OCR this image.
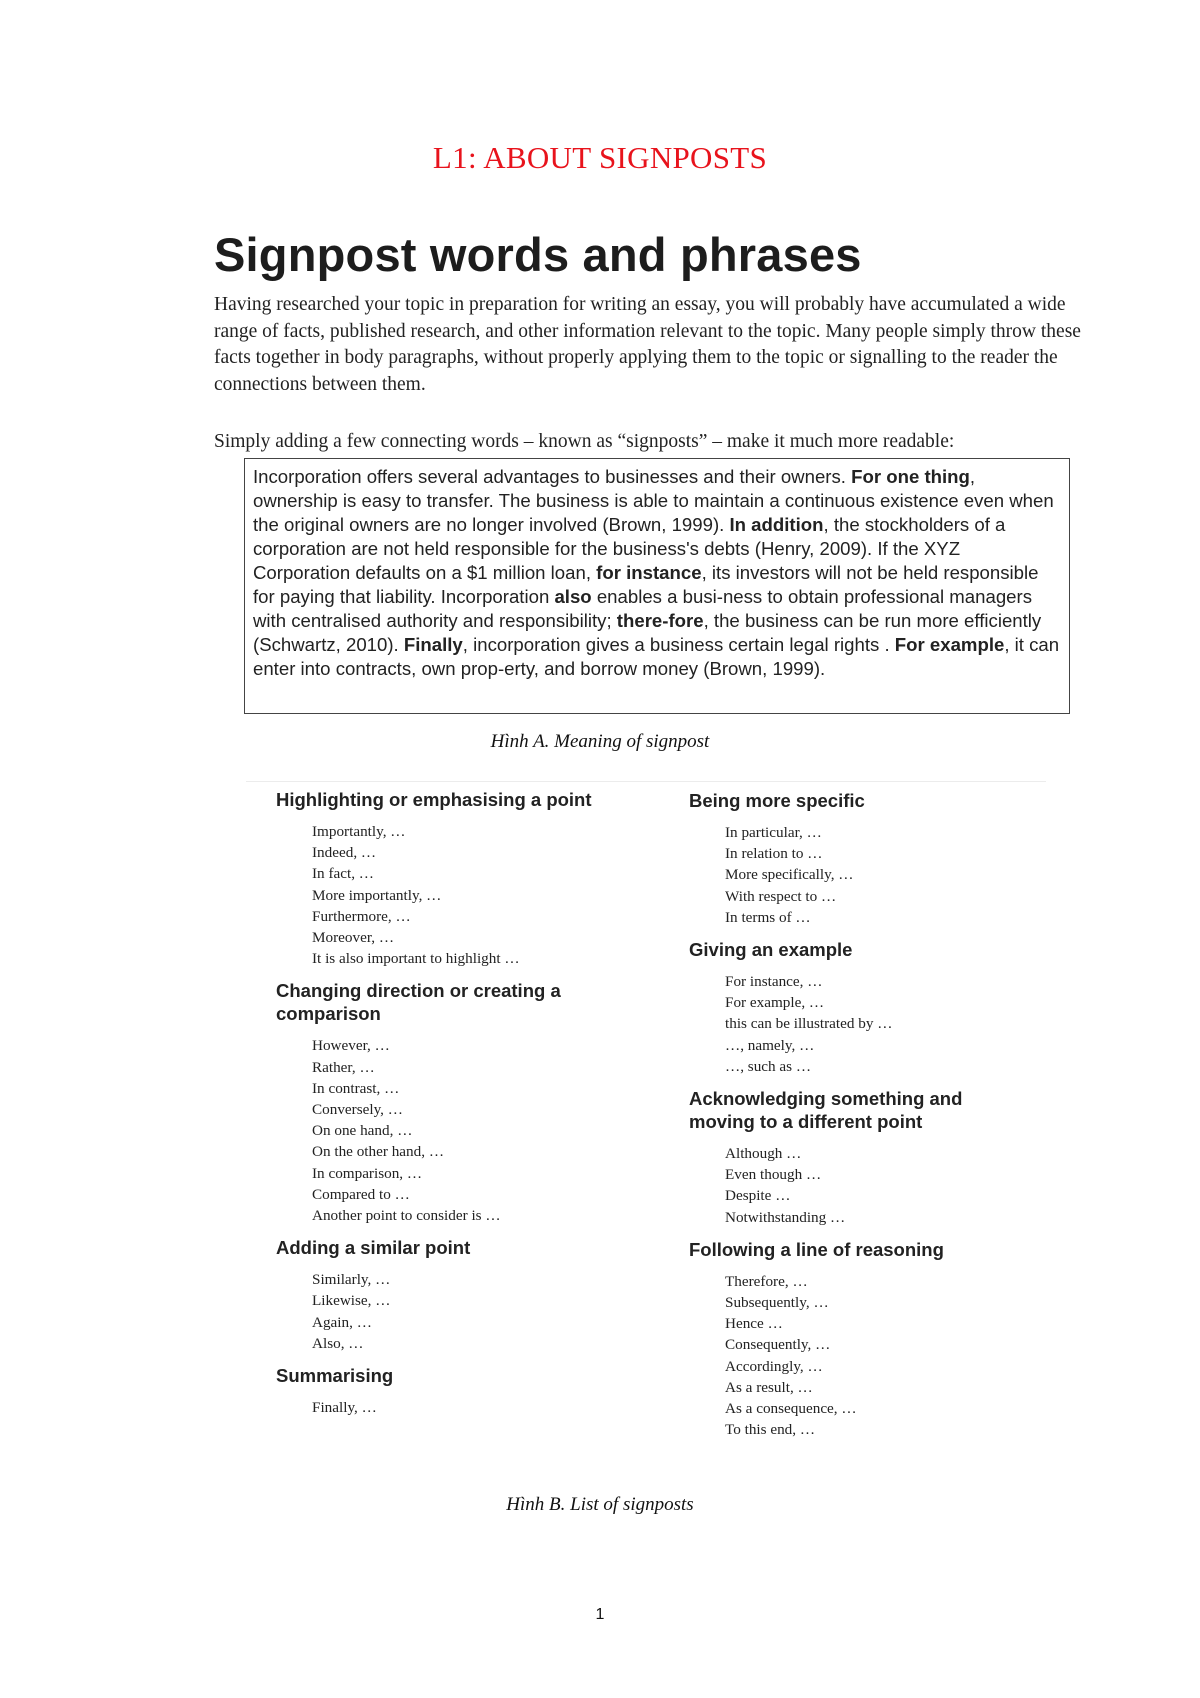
L1: ABOUT SIGNPOSTS
Signpost words and phrases

Having researched your topic in preparation for writing an essay, you will probably have accumulated a wide range of facts, published research, and other information relevant to the topic. Many people simply throw these facts together in body paragraphs, without properly applying them to the topic or signalling to the reader the connections between them.

Simply adding a few connecting words – known as “signposts” – make it much more readable:

Incorporation offers several advantages to businesses and their owners. For one thing, ownership is easy to transfer. The business is able to maintain a continuous existence even when the original owners are no longer involved (Brown, 1999). In addition, the stockholders of a corporation are not held responsible for the business's debts (Henry, 2009). If the XYZ Corporation defaults on a $1 million loan, for instance, its investors will not be held responsible for paying that liability. Incorporation also enables a busi-ness to obtain professional managers with centralised authority and responsibility; there-fore, the business can be run more efficiently (Schwartz, 2010). Finally, incorporation gives a business certain legal rights . For example, it can enter into contracts, own prop-erty, and borrow money (Brown, 1999).
Hình A. Meaning of signpost
Highlighting or emphasising a point
Importantly, …
Indeed, …
In fact, …
More importantly, …
Furthermore, …
Moreover, …
It is also important to highlight …
Changing direction or creating a comparison
However, …
Rather, …
In contrast, …
Conversely, …
On one hand, …
On the other hand, …
In comparison, …
Compared to …
Another point to consider is …
Adding a similar point
Similarly, …
Likewise, …
Again, …
Also, …
Summarising
Finally, …
Being more specific
In particular, …
In relation to …
More specifically, …
With respect to …
In terms of …
Giving an example
For instance, …
For example, …
this can be illustrated by …
…, namely, …
…, such as …
Acknowledging something and moving to a different point
Although …
Even though …
Despite …
Notwithstanding …
Following a line of reasoning
Therefore, …
Subsequently, …
Hence …
Consequently, …
Accordingly, …
As a result, …
As a consequence, …
To this end, …
Hình B. List of signposts
1
